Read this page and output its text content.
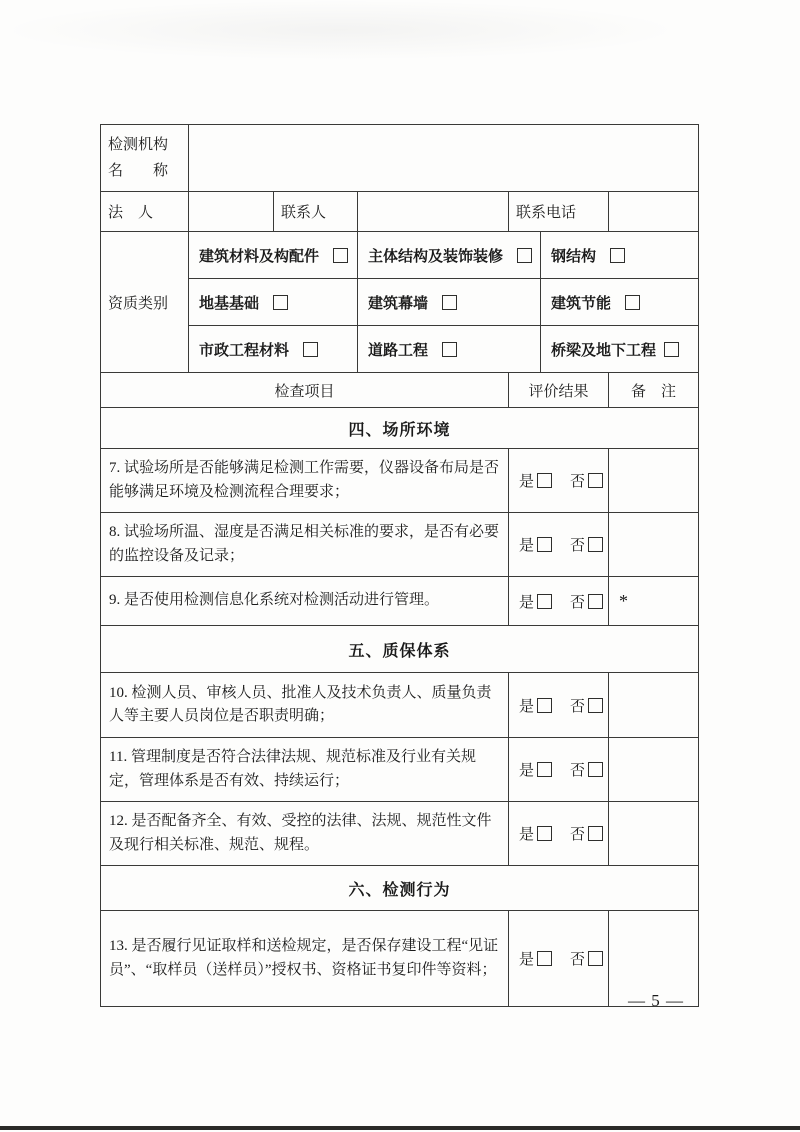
检测机构
名　　称						

法　人		联系人		联系电话		
资质类别	建筑材料及构配件		主体结构及装饰装修		钢结构	
	地基基础		建筑幕墙		建筑节能	
	市政工程材料		道路工程		桥梁及地下工程	
检查项目				评价结果		备　注
四、场所环境						
7. 试验场所是否能够满足检测工作需要，仪器设备布局是否能够满足环境及检测流程合理要求；				是 否		
8. 试验场所温、湿度是否满足相关标准的要求，是否有必要的监控设备及记录；				是 否		
9. 是否使用检测信息化系统对检测活动进行管理。				是 否		*
五、质保体系						
10. 检测人员、审核人员、批准人及技术负责人、质量负责人等主要人员岗位是否职责明确；				是 否		
11. 管理制度是否符合法律法规、规范标准及行业有关规定，管理体系是否有效、持续运行；				是 否		
12. 是否配备齐全、有效、受控的法律、法规、规范性文件及现行相关标准、规范、规程。				是 否		
六、检测行为						
13. 是否履行见证取样和送检规定，是否保存建设工程“见证员”、“取样员（送样员）”授权书、资格证书复印件等资料；				是 否		
— 5 —
